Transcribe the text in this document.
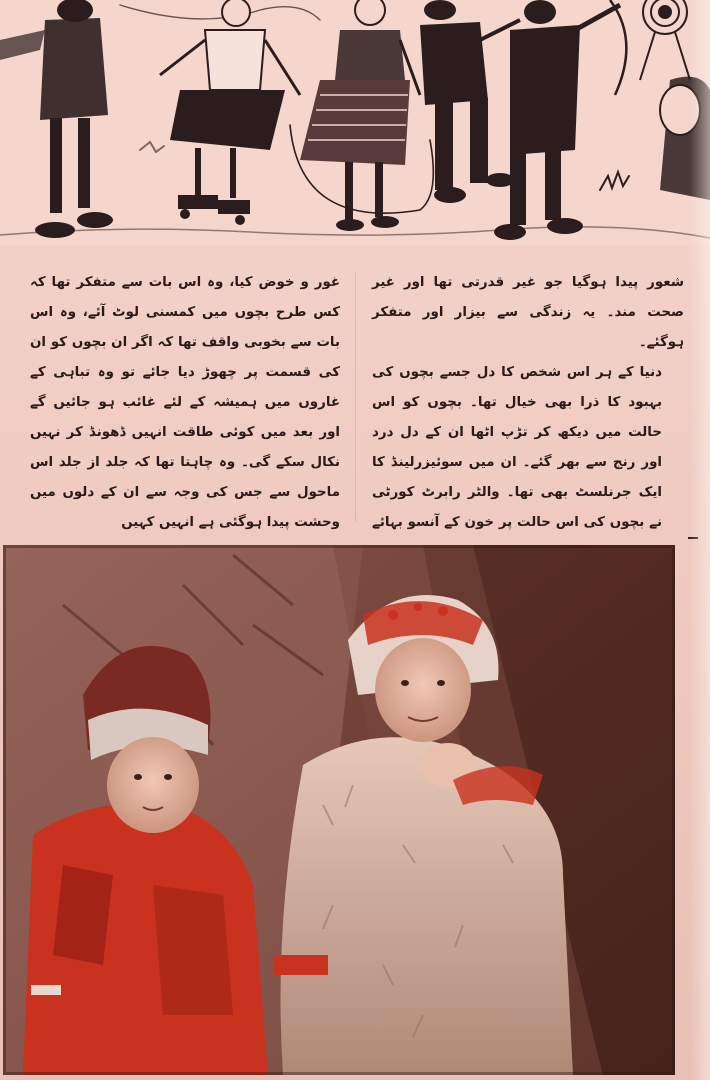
شعور پیدا ہوگیا جو غیر قدرتی تھا اور غیر صحت مند۔ یہ زندگی سے بیزار اور متفکر ہوگئے۔

دنیا کے ہر اس شخص کا دل جسے بچوں کی بہبود کا ذرا بھی خیال تھا۔ بچوں کو اس حالت میں دیکھ کر تڑپ اٹھا ان کے دل درد اور رنج سے بھر گئے۔ ان میں سوئیزرلینڈ کا ایک جرنلسٹ بھی تھا۔ والٹر رابرٹ کورٹی نے بچوں کی اس حالت پر خون کے آنسو بہائے

غور و خوض کیا، وہ اس بات سے متفکر تھا کہ کس طرح بچوں میں کمسنی لوٹ آئے، وہ اس بات سے بخوبی واقف تھا کہ اگر ان بچوں کو ان کی قسمت پر چھوڑ دیا جائے تو وہ تباہی کے غاروں میں ہمیشہ کے لئے غائب ہو جائیں گے اور بعد میں کوئی طاقت انہیں ڈھونڈ کر نہیں نکال سکے گی۔ وہ چاہتا تھا کہ جلد از جلد اس ماحول سے جس کی وجہ سے ان کے دلوں میں وحشت پیدا ہوگئی ہے انہیں کہیں
